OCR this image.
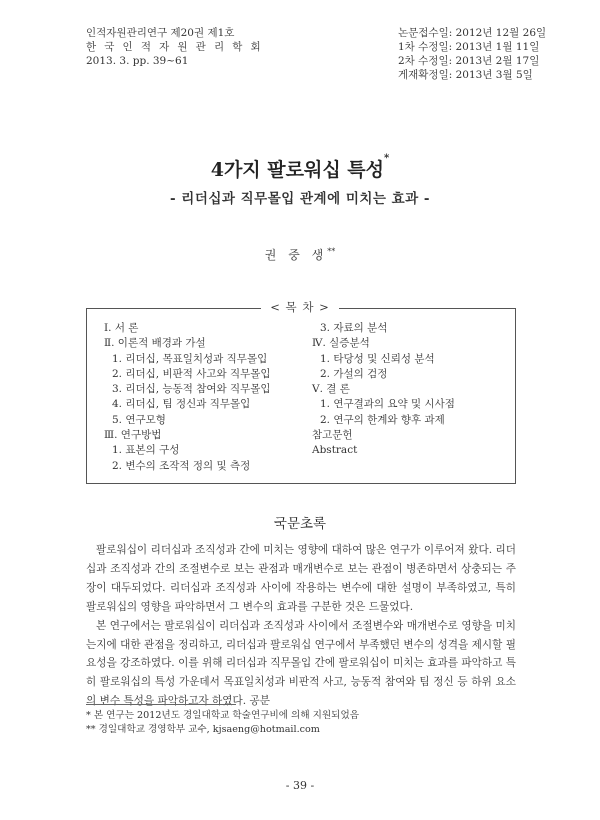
인적자원관리연구 제20권 제1호
한 국 인 적 자 원 관 리 학 회
2013. 3. pp. 39~61
논문접수일: 2012년 12월 26일
1차 수정일: 2013년 1월 11일
2차 수정일: 2013년 2월 17일
게재확정일: 2013년 3월 5일
4가지 팔로워십 특성*
- 리더십과 직무몰입 관계에 미치는 효과 -
권 중 생**
< 목 차 >
Ⅰ. 서 론
Ⅱ. 이론적 배경과 가설
1. 리더십, 목표일치성과 직무몰입
2. 리더십, 비판적 사고와 직무몰입
3. 리더십, 능동적 참여와 직무몰입
4. 리더십, 팀 정신과 직무몰입
5. 연구모형
Ⅲ. 연구방법
1. 표본의 구성
2. 변수의 조작적 정의 및 측정
3. 자료의 분석
Ⅳ. 실증분석
1. 타당성 및 신뢰성 분석
2. 가설의 검정
Ⅴ. 결 론
1. 연구결과의 요약 및 시사점
2. 연구의 한계와 향후 과제
참고문헌
Abstract
국문초록

팔로워십이 리더십과 조직성과 간에 미치는 영향에 대하여 많은 연구가 이루어져 왔다. 리더십과 조직성과 간의 조절변수로 보는 관점과 매개변수로 보는 관점이 병존하면서 상충되는 주장이 대두되었다. 리더십과 조직성과 사이에 작용하는 변수에 대한 설명이 부족하였고, 특히 팔로워십의 영향을 파악하면서 그 변수의 효과를 구분한 것은 드물었다.

본 연구에서는 팔로워십이 리더십과 조직성과 사이에서 조절변수와 매개변수로 영향을 미치는지에 대한 관점을 정리하고, 리더십과 팔로워십 연구에서 부족했던 변수의 성격을 제시할 필요성을 강조하였다. 이를 위해 리더십과 직무몰입 간에 팔로워십이 미치는 효과를 파악하고 특히 팔로워십의 특성 가운데서 목표일치성과 비판적 사고, 능동적 참여와 팀 정신 등 하위 요소의 변수 특성을 파악하고자 하였다. 공분

* 본 연구는 2012년도 경일대학교 학술연구비에 의해 지원되었음
** 경일대학교 경영학부 교수, kjsaeng@hotmail.com
- 39 -
